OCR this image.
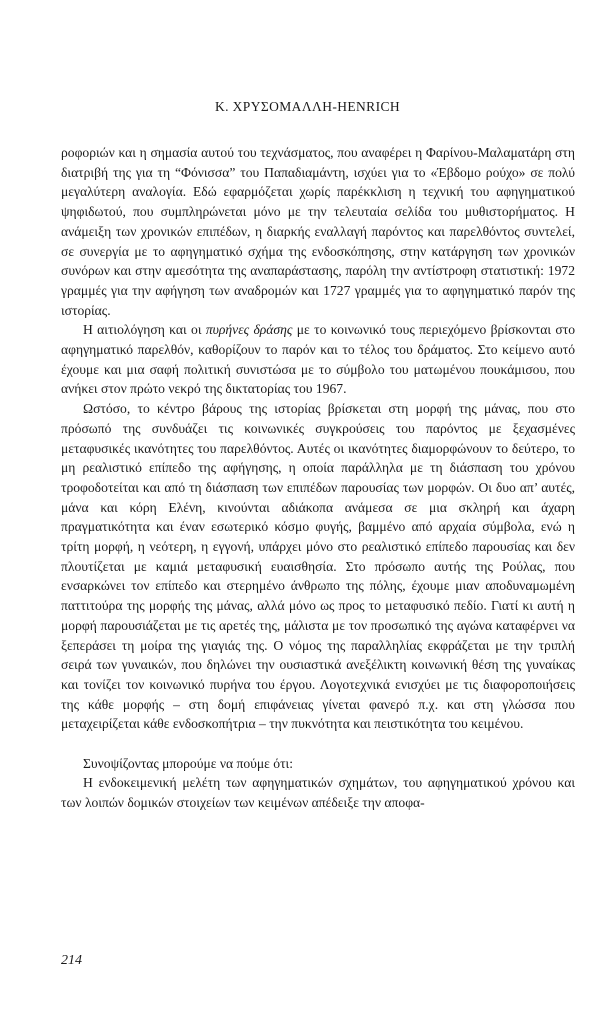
Κ. ΧΡΥΣΟΜΑΛΛΗ-HENRICH

ροφοριών και η σημασία αυτού του τεχνάσματος, που αναφέρει η Φαρίνου-Μαλαματάρη στη διατριβή της για τη “Φόνισσα” του Παπαδιαμάντη, ισχύει για το «Έβδομο ρούχο» σε πολύ μεγαλύτερη αναλογία. Εδώ εφαρμόζεται χωρίς παρέκκλιση η τεχνική του αφηγηματικού ψηφιδωτού, που συμπληρώνεται μόνο με την τελευταία σελίδα του μυθιστορήματος. Η ανάμειξη των χρονικών επιπέδων, η διαρκής εναλλαγή παρόντος και παρελθόντος συντελεί, σε συνεργία με το αφηγηματικό σχήμα της ενδοσκόπησης, στην κατάργηση των χρονικών συνόρων και στην αμεσότητα της αναπαράστασης, παρόλη την αντίστροφη στατιστική: 1972 γραμμές για την αφήγηση των αναδρομών και 1727 γραμμές για το αφηγηματικό παρόν της ιστορίας.

Η αιτιολόγηση και οι πυρήνες δράσης με το κοινωνικό τους περιεχόμενο βρίσκονται στο αφηγηματικό παρελθόν, καθορίζουν το παρόν και το τέλος του δράματος. Στο κείμενο αυτό έχουμε και μια σαφή πολιτική συνιστώσα με το σύμβολο του ματωμένου πουκάμισου, που ανήκει στον πρώτο νεκρό της δικτατορίας του 1967.

Ωστόσο, το κέντρο βάρους της ιστορίας βρίσκεται στη μορφή της μάνας, που στο πρόσωπό της συνδυάζει τις κοινωνικές συγκρούσεις του παρόντος με ξεχασμένες μεταφυσικές ικανότητες του παρελθόντος. Αυτές οι ικανότητες διαμορφώνουν το δεύτερο, το μη ρεαλιστικό επίπεδο της αφήγησης, η οποία παράλληλα με τη διάσπαση του χρόνου τροφοδοτείται και από τη διάσπαση των επιπέδων παρουσίας των μορφών. Οι δυο απ’ αυτές, μάνα και κόρη Ελένη, κινούνται αδιάκοπα ανάμεσα σε μια σκληρή και άχαρη πραγματικότητα και έναν εσωτερικό κόσμο φυγής, βαμμένο από αρχαία σύμβολα, ενώ η τρίτη μορφή, η νεότερη, η εγγονή, υπάρχει μόνο στο ρεαλιστικό επίπεδο παρουσίας και δεν πλουτίζεται με καμιά μεταφυσική ευαισθησία. Στο πρόσωπο αυτής της Ρούλας, που ενσαρκώνει τον επίπεδο και στερημένο άνθρωπο της πόλης, έχουμε μιαν αποδυναμωμένη παττιτούρα της μορφής της μάνας, αλλά μόνο ως προς το μεταφυσικό πεδίο. Γιατί κι αυτή η μορφή παρουσιάζεται με τις αρετές της, μάλιστα με τον προσωπικό της αγώνα καταφέρνει να ξεπεράσει τη μοίρα της γιαγιάς της. Ο νόμος της παραλληλίας εκφράζεται με την τριπλή σειρά των γυναικών, που δηλώνει την ουσιαστικά ανεξέλικτη κοινωνική θέση της γυναίκας και τονίζει τον κοινωνικό πυρήνα του έργου. Λογοτεχνικά ενισχύει με τις διαφοροποιήσεις της κάθε μορφής – στη δομή επιφάνειας γίνεται φανερό π.χ. και στη γλώσσα που μεταχειρίζεται κάθε ενδοσκοπήτρια – την πυκνότητα και πειστικότητα του κειμένου.

Συνοψίζοντας μπορούμε να πούμε ότι:

Η ενδοκειμενική μελέτη των αφηγηματικών σχημάτων, του αφηγηματικού χρόνου και των λοιπών δομικών στοιχείων των κειμένων απέδειξε την αποφα-

214
